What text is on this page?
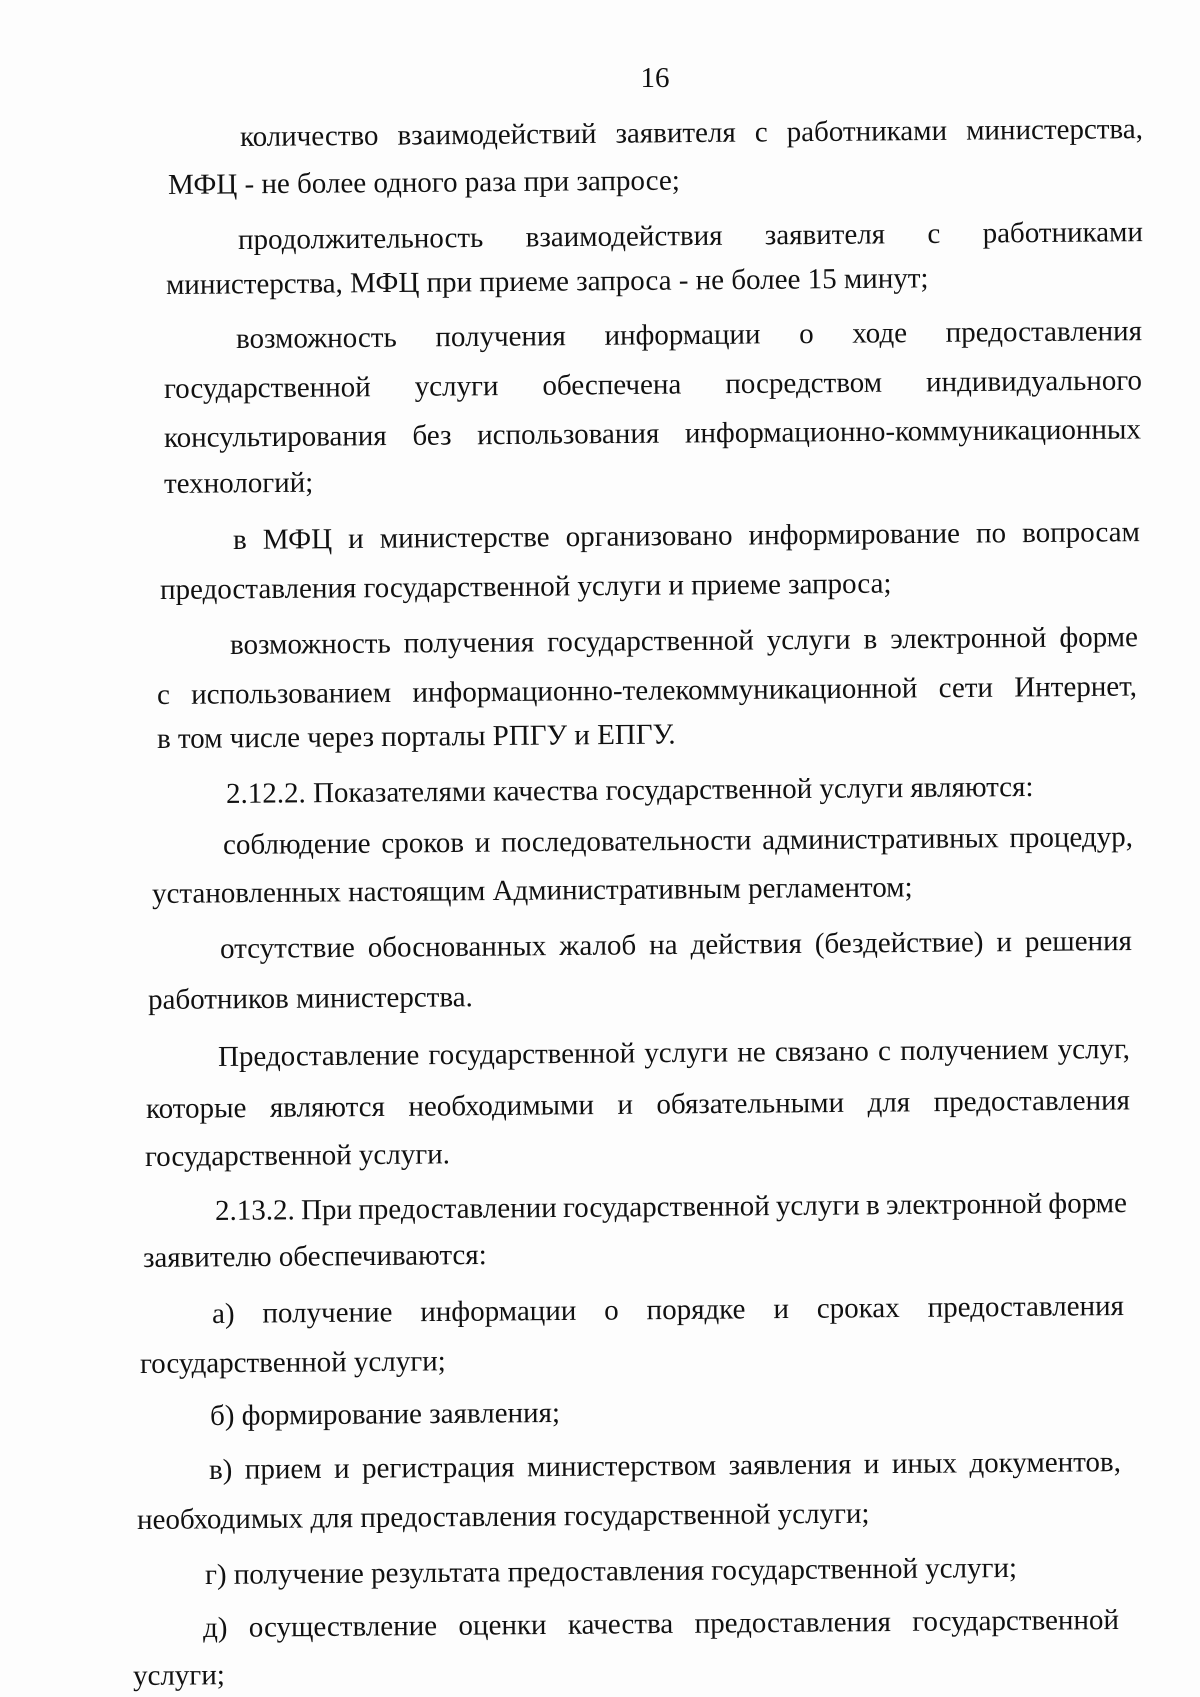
16
количество взаимодействий заявителя с работниками министерства,
МФЦ - не более одного раза при запросе;
продолжительность взаимодействия заявителя с работниками
министерства, МФЦ при приеме запроса - не более 15 минут;
возможность получения информации о ходе предоставления
государственной услуги обеспечена посредством индивидуального
консультирования без использования информационно-коммуникационных
технологий;
в МФЦ и министерстве организовано информирование по вопросам
предоставления государственной услуги и приеме запроса;
возможность получения государственной услуги в электронной форме
с использованием информационно-телекоммуникационной сети Интернет,
в том числе через порталы РПГУ и ЕПГУ.
2.12.2. Показателями качества государственной услуги являются:
соблюдение сроков и последовательности административных процедур,
установленных настоящим Административным регламентом;
отсутствие обоснованных жалоб на действия (бездействие) и решения
работников министерства.
Предоставление государственной услуги не связано с получением услуг,
которые являются необходимыми и обязательными для предоставления
государственной услуги.
2.13.2. При предоставлении государственной услуги в электронной форме
заявителю обеспечиваются:
а) получение информации о порядке и сроках предоставления
государственной услуги;
б) формирование заявления;
в) прием и регистрация министерством заявления и иных документов,
необходимых для предоставления государственной услуги;
г) получение результата предоставления государственной услуги;
д) осуществление оценки качества предоставления государственной
услуги;
